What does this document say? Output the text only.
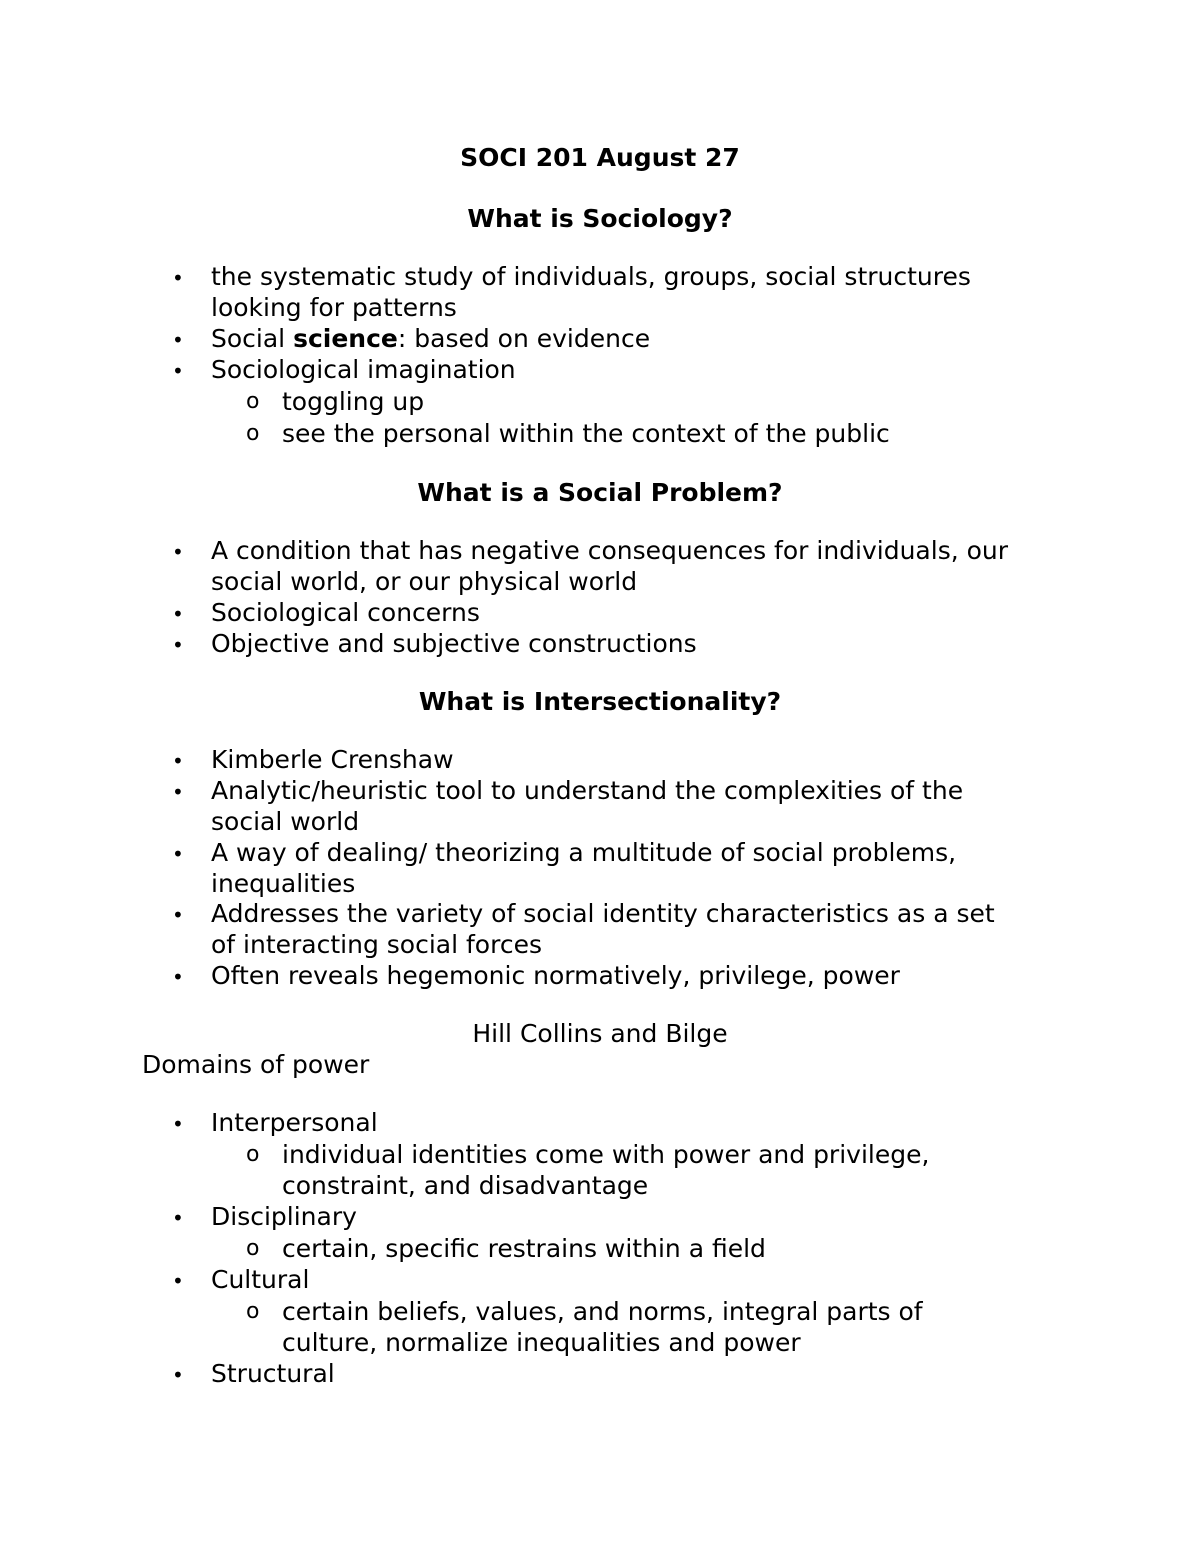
SOCI 201 August 27
What is Sociology?
•	the systematic study of individuals, groups, social structures
looking for patterns
•	Social science: based on evidence
•	Sociological imagination
o toggling up
o see the personal within the context of the public
What is a Social Problem?
•	A condition that has negative consequences for individuals, our
social world, or our physical world
•	Sociological concerns
•	Objective and subjective constructions
What is Intersectionality?
•	Kimberle Crenshaw
•	Analytic/heuristic tool to understand the complexities of the
social world
•	A way of dealing/ theorizing a multitude of social problems,
inequalities
•	Addresses the variety of social identity characteristics as a set
of interacting social forces
•	Often reveals hegemonic normatively, privilege, power
Hill Collins and Bilge
Domains of power
•	Interpersonal
o individual identities come with power and privilege,
constraint, and disadvantage
•	Disciplinary
o certain, specific restrains within a field
•	Cultural
o certain beliefs, values, and norms, integral parts of
culture, normalize inequalities and power
•	Structural
